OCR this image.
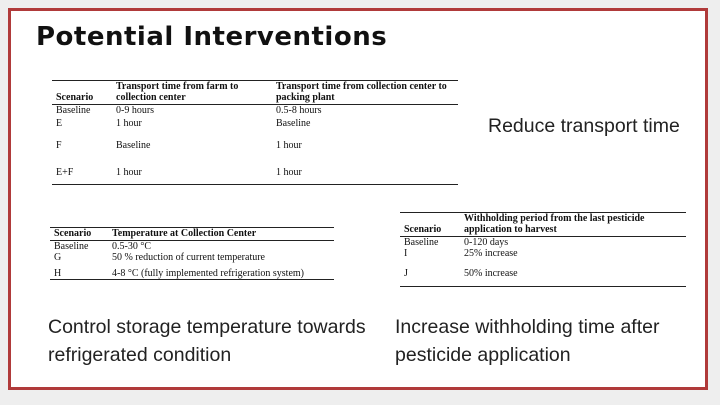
Potential Interventions
Scenario	Transport time from farm to collection center	Transport time from collection center to packing plant
Baseline	0-9 hours	0.5-8 hours
E	1 hour	Baseline
F	Baseline	1 hour
E+F	1 hour	1 hour
Reduce transport time
Scenario	Temperature at Collection Center
Baseline	0.5-30 °C
G	50 % reduction of current temperature
H	4-8 °C (fully implemented refrigeration system)
Scenario	Withholding period from the last pesticide application to harvest
Baseline	0-120 days
I	25% increase
J	50% increase
Control storage temperature towards refrigerated condition
Increase withholding time after pesticide application
